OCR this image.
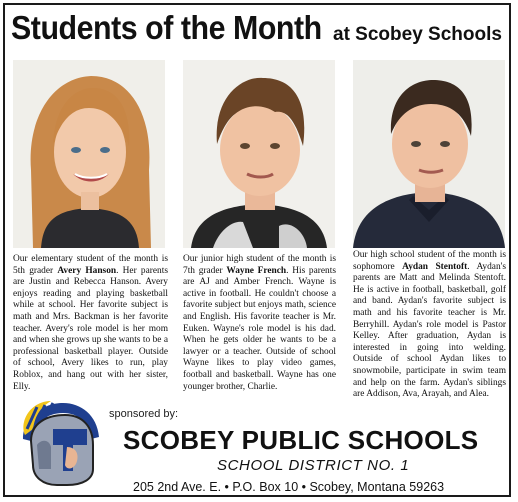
Students of the Month at Scobey Schools
Our elementary student of the month is 5th grader Avery Hanson. Her parents are Justin and Rebecca Hanson. Avery enjoys reading and playing basketball while at school. Her favorite subject is math and Mrs. Backman is her favorite teacher. Avery's role model is her mom and when she grows up she wants to be a professional basketball player. Outside of school, Avery likes to run, play Roblox, and hang out with her sister, Elly.
Our junior high student of the month is 7th grader Wayne French. His parents are AJ and Amber French. Wayne is active in football. He couldn't choose a favorite subject but enjoys math, science and English. His favorite teacher is Mr. Euken. Wayne's role model is his dad. When he gets older he wants to be a lawyer or a teacher. Outside of school Wayne likes to play video games, football and basketball. Wayne has one younger brother, Charlie.
Our high school student of the month is sophomore Aydan Stentoft. Aydan's parents are Matt and Melinda Stentoft. He is active in football, basketball, golf and band. Aydan's favorite subject is math and his favorite teacher is Mr. Berryhill. Aydan's role model is Pastor Kelley. After graduation, Aydan is interested in going into welding. Outside of school Aydan likes to snowmobile, participate in swim team and help on the farm. Aydan's siblings are Addison, Ava, Arayah, and Alea.
sponsored by:
SCOBEY PUBLIC SCHOOLS
SCHOOL DISTRICT NO. 1
205 2nd Ave. E. • P.O. Box 10 • Scobey, Montana 59263
